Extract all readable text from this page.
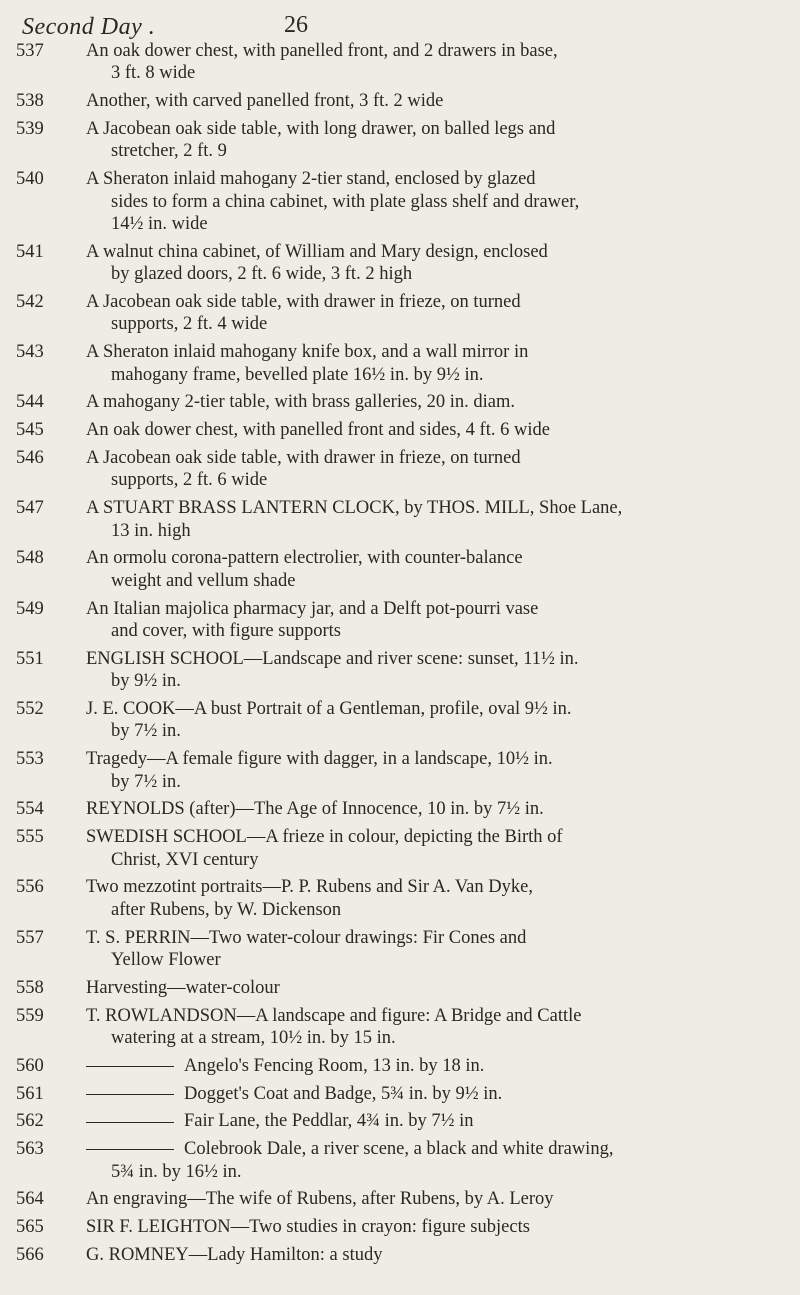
Second Day .	26
537	An oak dower chest, with panelled front, and 2 drawers in base,
3 ft. 8 wide
538	Another, with carved panelled front, 3 ft. 2 wide
539	A Jacobean oak side table, with long drawer, on balled legs and
stretcher, 2 ft. 9
540	A Sheraton inlaid mahogany 2-tier stand, enclosed by glazed
sides to form a china cabinet, with plate glass shelf and drawer,
14½ in. wide
541	A walnut china cabinet, of William and Mary design, enclosed
by glazed doors, 2 ft. 6 wide, 3 ft. 2 high
542	A Jacobean oak side table, with drawer in frieze, on turned
supports, 2 ft. 4 wide
543	A Sheraton inlaid mahogany knife box, and a wall mirror in
mahogany frame, bevelled plate 16½ in. by 9½ in.
544	A mahogany 2-tier table, with brass galleries, 20 in. diam.
545	An oak dower chest, with panelled front and sides, 4 ft. 6 wide
546	A Jacobean oak side table, with drawer in frieze, on turned
supports, 2 ft. 6 wide
547	A STUART BRASS LANTERN CLOCK, by THOS. MILL, Shoe Lane,
13 in. high
548	An ormolu corona-pattern electrolier, with counter-balance
weight and vellum shade
549	An Italian majolica pharmacy jar, and a Delft pot-pourri vase
and cover, with figure supports
551	ENGLISH SCHOOL—Landscape and river scene: sunset, 11½ in.
by 9½ in.
552	J. E. COOK—A bust Portrait of a Gentleman, profile, oval 9½ in.
by 7½ in.
553	Tragedy—A female figure with dagger, in a landscape, 10½ in.
by 7½ in.
554	REYNOLDS (after)—The Age of Innocence, 10 in. by 7½ in.
555	SWEDISH SCHOOL—A frieze in colour, depicting the Birth of
Christ, XVI century
556	Two mezzotint portraits—P. P. Rubens and Sir A. Van Dyke,
after Rubens, by W. Dickenson
557	T. S. PERRIN—Two water-colour drawings: Fir Cones and
Yellow Flower
558	Harvesting—water-colour
559	T. ROWLANDSON—A landscape and figure: A Bridge and Cattle
watering at a stream, 10½ in. by 15 in.
560	Angelo's Fencing Room, 13 in. by 18 in.
561	Dogget's Coat and Badge, 5¾ in. by 9½ in.
562	Fair Lane, the Peddlar, 4¾ in. by 7½ in
563	Colebrook Dale, a river scene, a black and white drawing,
5¾ in. by 16½ in.
564	An engraving—The wife of Rubens, after Rubens, by A. Leroy
565	SIR F. LEIGHTON—Two studies in crayon: figure subjects
566	G. ROMNEY—Lady Hamilton: a study
